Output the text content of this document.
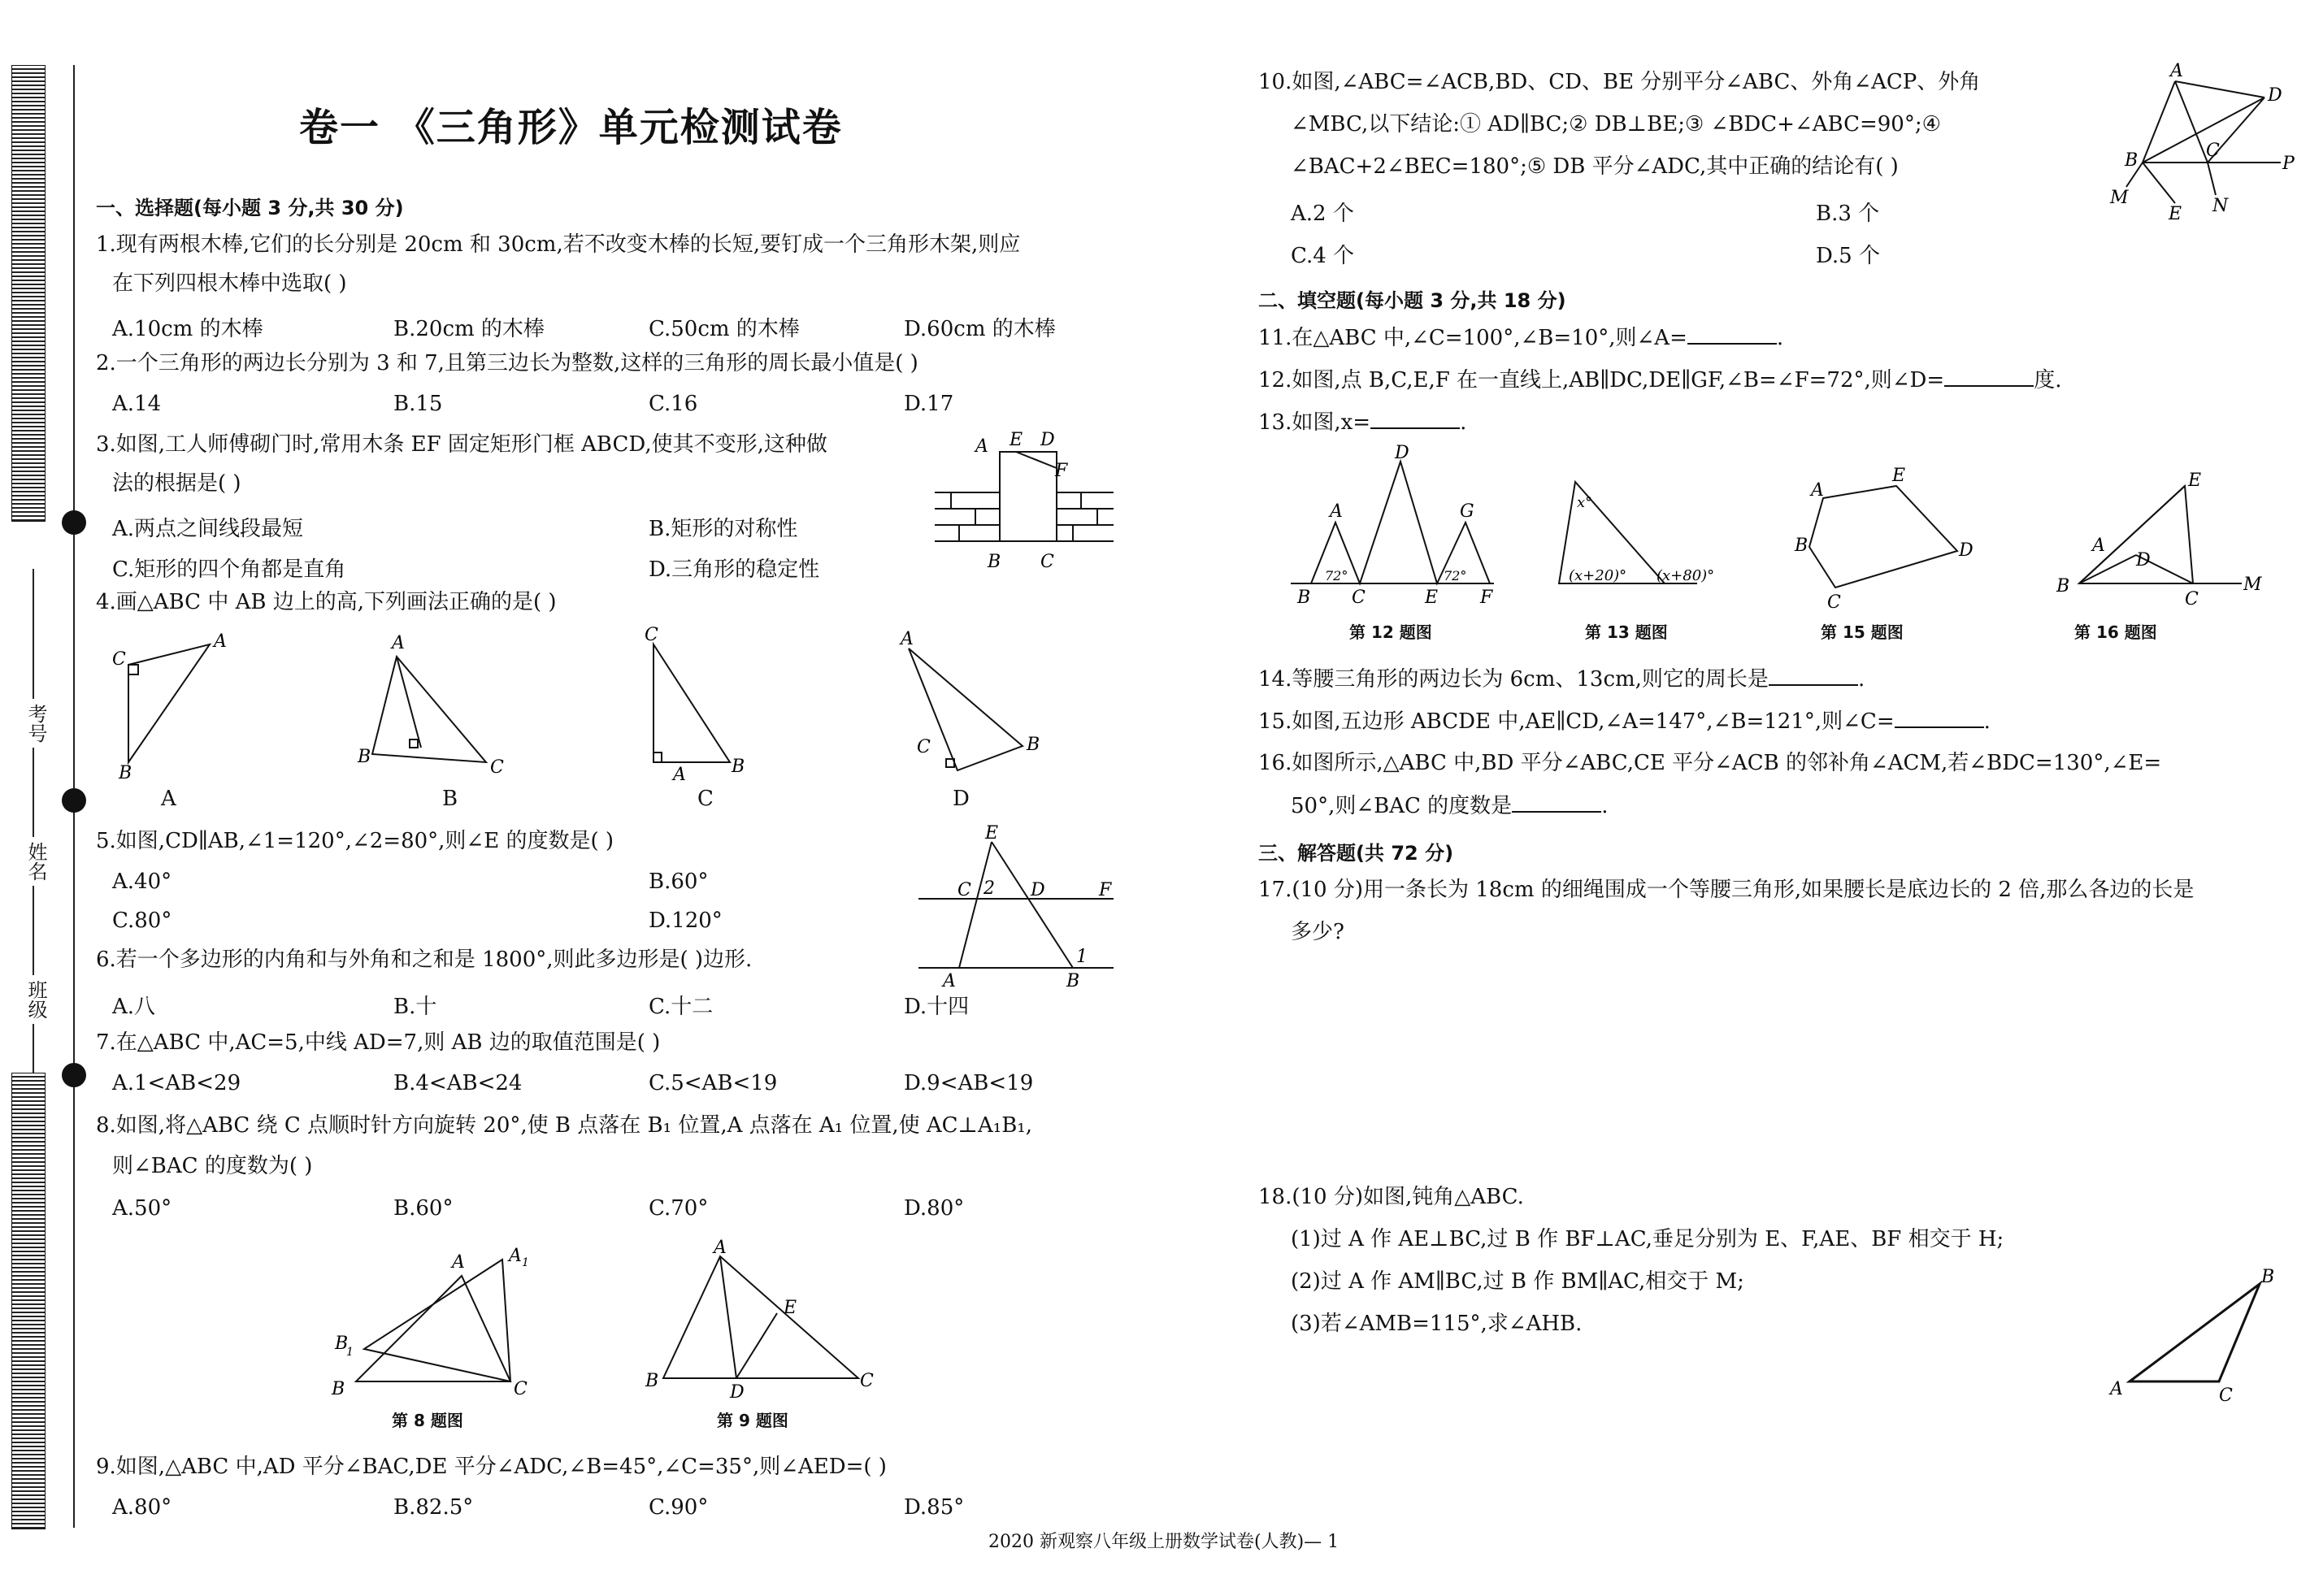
考号
姓名
班级
卷一 《三角形》单元检测试卷
一、选择题(每小题 3 分,共 30 分)
1.现有两根木棒,它们的长分别是 20cm 和 30cm,若不改变木棒的长短,要钉成一个三角形木架,则应
在下列四根木棒中选取( )
A.10cm 的木棒	B.20cm 的木棒	C.50cm 的木棒	D.60cm 的木棒
2.一个三角形的两边长分别为 3 和 7,且第三边长为整数,这样的三角形的周长最小值是( )
A.14	B.15	C.16	D.17
3.如图,工人师傅砌门时,常用木条 EF 固定矩形门框 ABCD,使其不变形,这种做
法的根据是( )
A.两点之间线段最短	B.矩形的对称性
C.矩形的四个角都是直角	D.三角形的稳定性
A E D
F
B C
4.画△ABC 中 AB 边上的高,下列画法正确的是( )
A
C
B
A
B
C
C
A	B
A
C	B
A	B	C	D
5.如图,CD∥AB,∠1=120°,∠2=80°,则∠E 的度数是( )
A.40°	B.60°
C.80°	D.120°
E
C 2 D	F
A	B
1
6.若一个多边形的内角和与外角和之和是 1800°,则此多边形是( )边形.
A.八	B.十	C.十二	D.十四
7.在△ABC 中,AC=5,中线 AD=7,则 AB 边的取值范围是( )
A.1<AB<29	B.4<AB<24	C.5<AB<19	D.9<AB<19
8.如图,将△ABC 绕 C 点顺时针方向旋转 20°,使 B 点落在 B₁ 位置,A 点落在 A₁ 位置,使 AC⊥A₁B₁,
则∠BAC 的度数为( )
A.50°	B.60°	C.70°	D.80°
A A 1
B
1
B	C
第 8 题图
A
B
D
C
E
第 9 题图
9.如图,△ABC 中,AD 平分∠BAC,DE 平分∠ADC,∠B=45°,∠C=35°,则∠AED=( )
A.80°	B.82.5°	C.90°	D.85°
10.如图,∠ABC=∠ACB,BD、CD、BE 分别平分∠ABC、外角∠ACP、外角
∠MBC,以下结论:① AD∥BC;② DB⊥BE;③ ∠BDC+∠ABC=90°;④
∠BAC+2∠BEC=180°;⑤ DB 平分∠ADC,其中正确的结论有( )
A.2 个	B.3 个
C.4 个	D.5 个
A
D
B	C
P
M
E N
二、填空题(每小题 3 分,共 18 分)
11.在△ABC 中,∠C=100°,∠B=10°,则∠A=	.
12.如图,点 B,C,E,F 在一直线上,AB∥DC,DE∥GF,∠B=∠F=72°,则∠D=	度.
13.如图,x=	.
B C	E F
A
D
G
72°	72°
x°
(x+20)° (x+80)°
A
E
B
C
D
E
A
D
B
C
M
第 12 题图	第 13 题图	第 15 题图	第 16 题图
14.等腰三角形的两边长为 6cm、13cm,则它的周长是	.
15.如图,五边形 ABCDE 中,AE∥CD,∠A=147°,∠B=121°,则∠C=	.
16.如图所示,△ABC 中,BD 平分∠ABC,CE 平分∠ACB 的邻补角∠ACM,若∠BDC=130°,∠E=
50°,则∠BAC 的度数是	.
三、解答题(共 72 分)
17.(10 分)用一条长为 18cm 的细绳围成一个等腰三角形,如果腰长是底边长的 2 倍,那么各边的长是
多少?
18.(10 分)如图,钝角△ABC.
(1)过 A 作 AE⊥BC,过 B 作 BF⊥AC,垂足分别为 E、F,AE、BF 相交于 H;
(2)过 A 作 AM∥BC,过 B 作 BM∥AC,相交于 M;
(3)若∠AMB=115°,求∠AHB.
A
B
C
2020 新观察八年级上册数学试卷(人教)— 1
